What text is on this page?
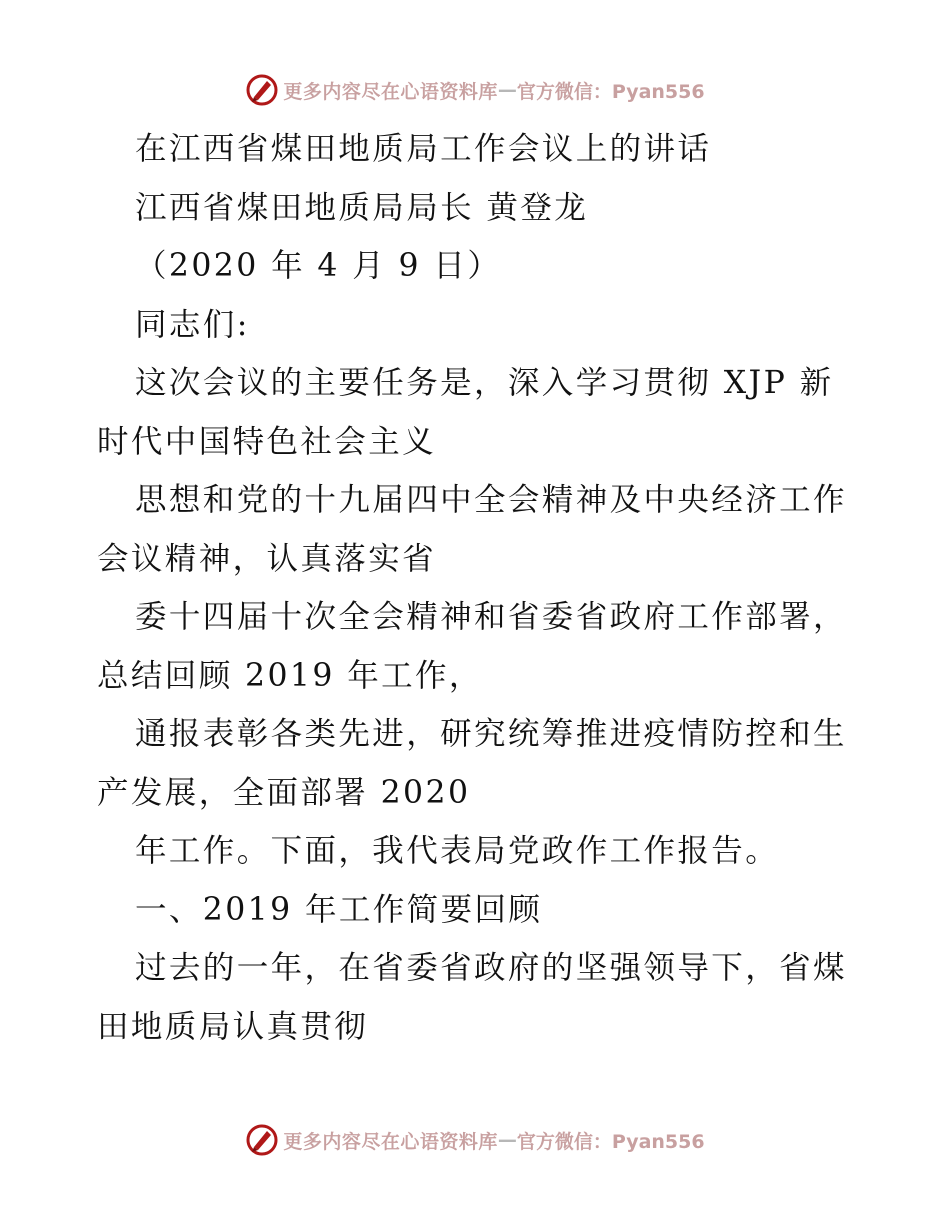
更多内容尽在心语资料库 — 官方微信：Pyan556
在江西省煤田地质局工作会议上的讲话
江西省煤田地质局局长 黄登龙
（2020 年 4 月 9 日）
同志们:
这次会议的主要任务是，深入学习贯彻 XJP 新
时代中国特色社会主义
思想和党的十九届四中全会精神及中央经济工作
会议精神，认真落实省
委十四届十次全会精神和省委省政府工作部署，
总结回顾 2019 年工作，
通报表彰各类先进，研究统筹推进疫情防控和生
产发展，全面部署 2020
年工作。下面，我代表局党政作工作报告。
一、2019 年工作简要回顾
过去的一年，在省委省政府的坚强领导下，省煤
田地质局认真贯彻
更多内容尽在心语资料库 — 官方微信：Pyan556
